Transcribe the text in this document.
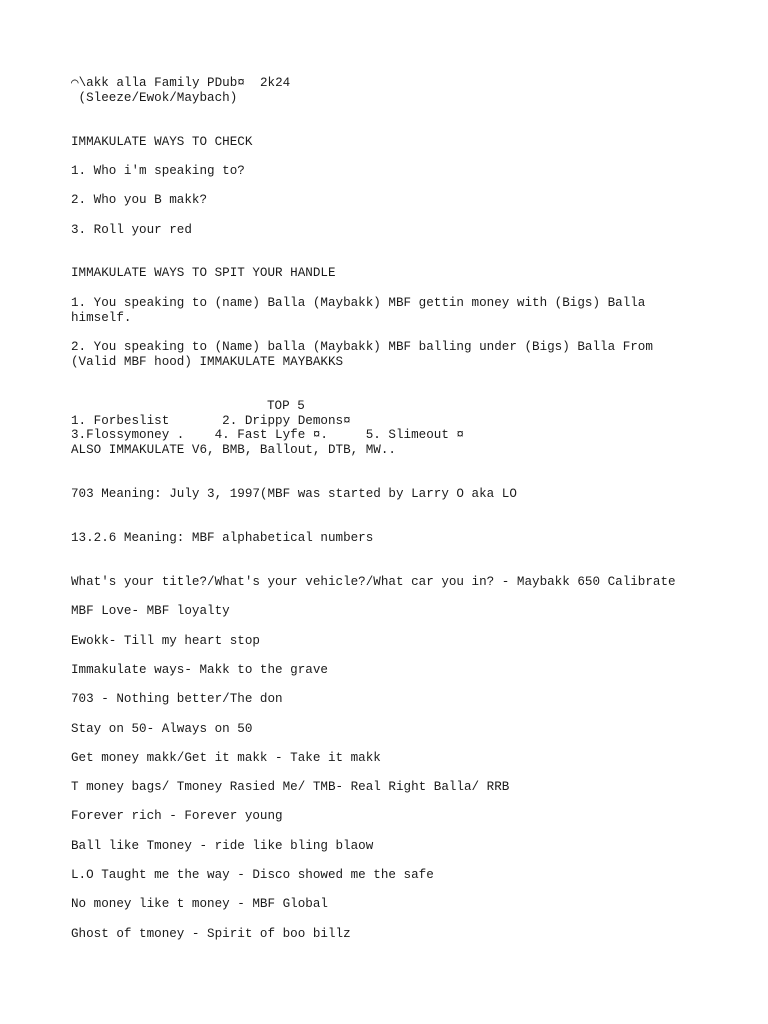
⌒\akk alla Family PDub¤  2k24

(Sleeze/Ewok/Maybach)

IMMAKULATE WAYS TO CHECK

1. Who i'm speaking to?

2. Who you B makk?

3. Roll your red

IMMAKULATE WAYS TO SPIT YOUR HANDLE

1. You speaking to (name) Balla (Maybakk) MBF gettin money with (Bigs) Balla

himself.

2. You speaking to (Name) balla (Maybakk) MBF balling under (Bigs) Balla From

(Valid MBF hood) IMMAKULATE MAYBAKKS

TOP 5

1. Forbeslist       2. Drippy Demons¤

3.Flossymoney .    4. Fast Lyfe ¤.     5. Slimeout ¤

ALSO IMMAKULATE V6, BMB, Ballout, DTB, MW..

703 Meaning: July 3, 1997(MBF was started by Larry O aka LO

13.2.6 Meaning: MBF alphabetical numbers

What's your title?/What's your vehicle?/What car you in? - Maybakk 650 Calibrate

MBF Love- MBF loyalty

Ewokk- Till my heart stop

Immakulate ways- Makk to the grave

703 - Nothing better/The don

Stay on 50- Always on 50

Get money makk/Get it makk - Take it makk

T money bags/ Tmoney Rasied Me/ TMB- Real Right Balla/ RRB

Forever rich - Forever young

Ball like Tmoney - ride like bling blaow

L.O Taught me the way - Disco showed me the safe

No money like t money - MBF Global

Ghost of tmoney - Spirit of boo billz
